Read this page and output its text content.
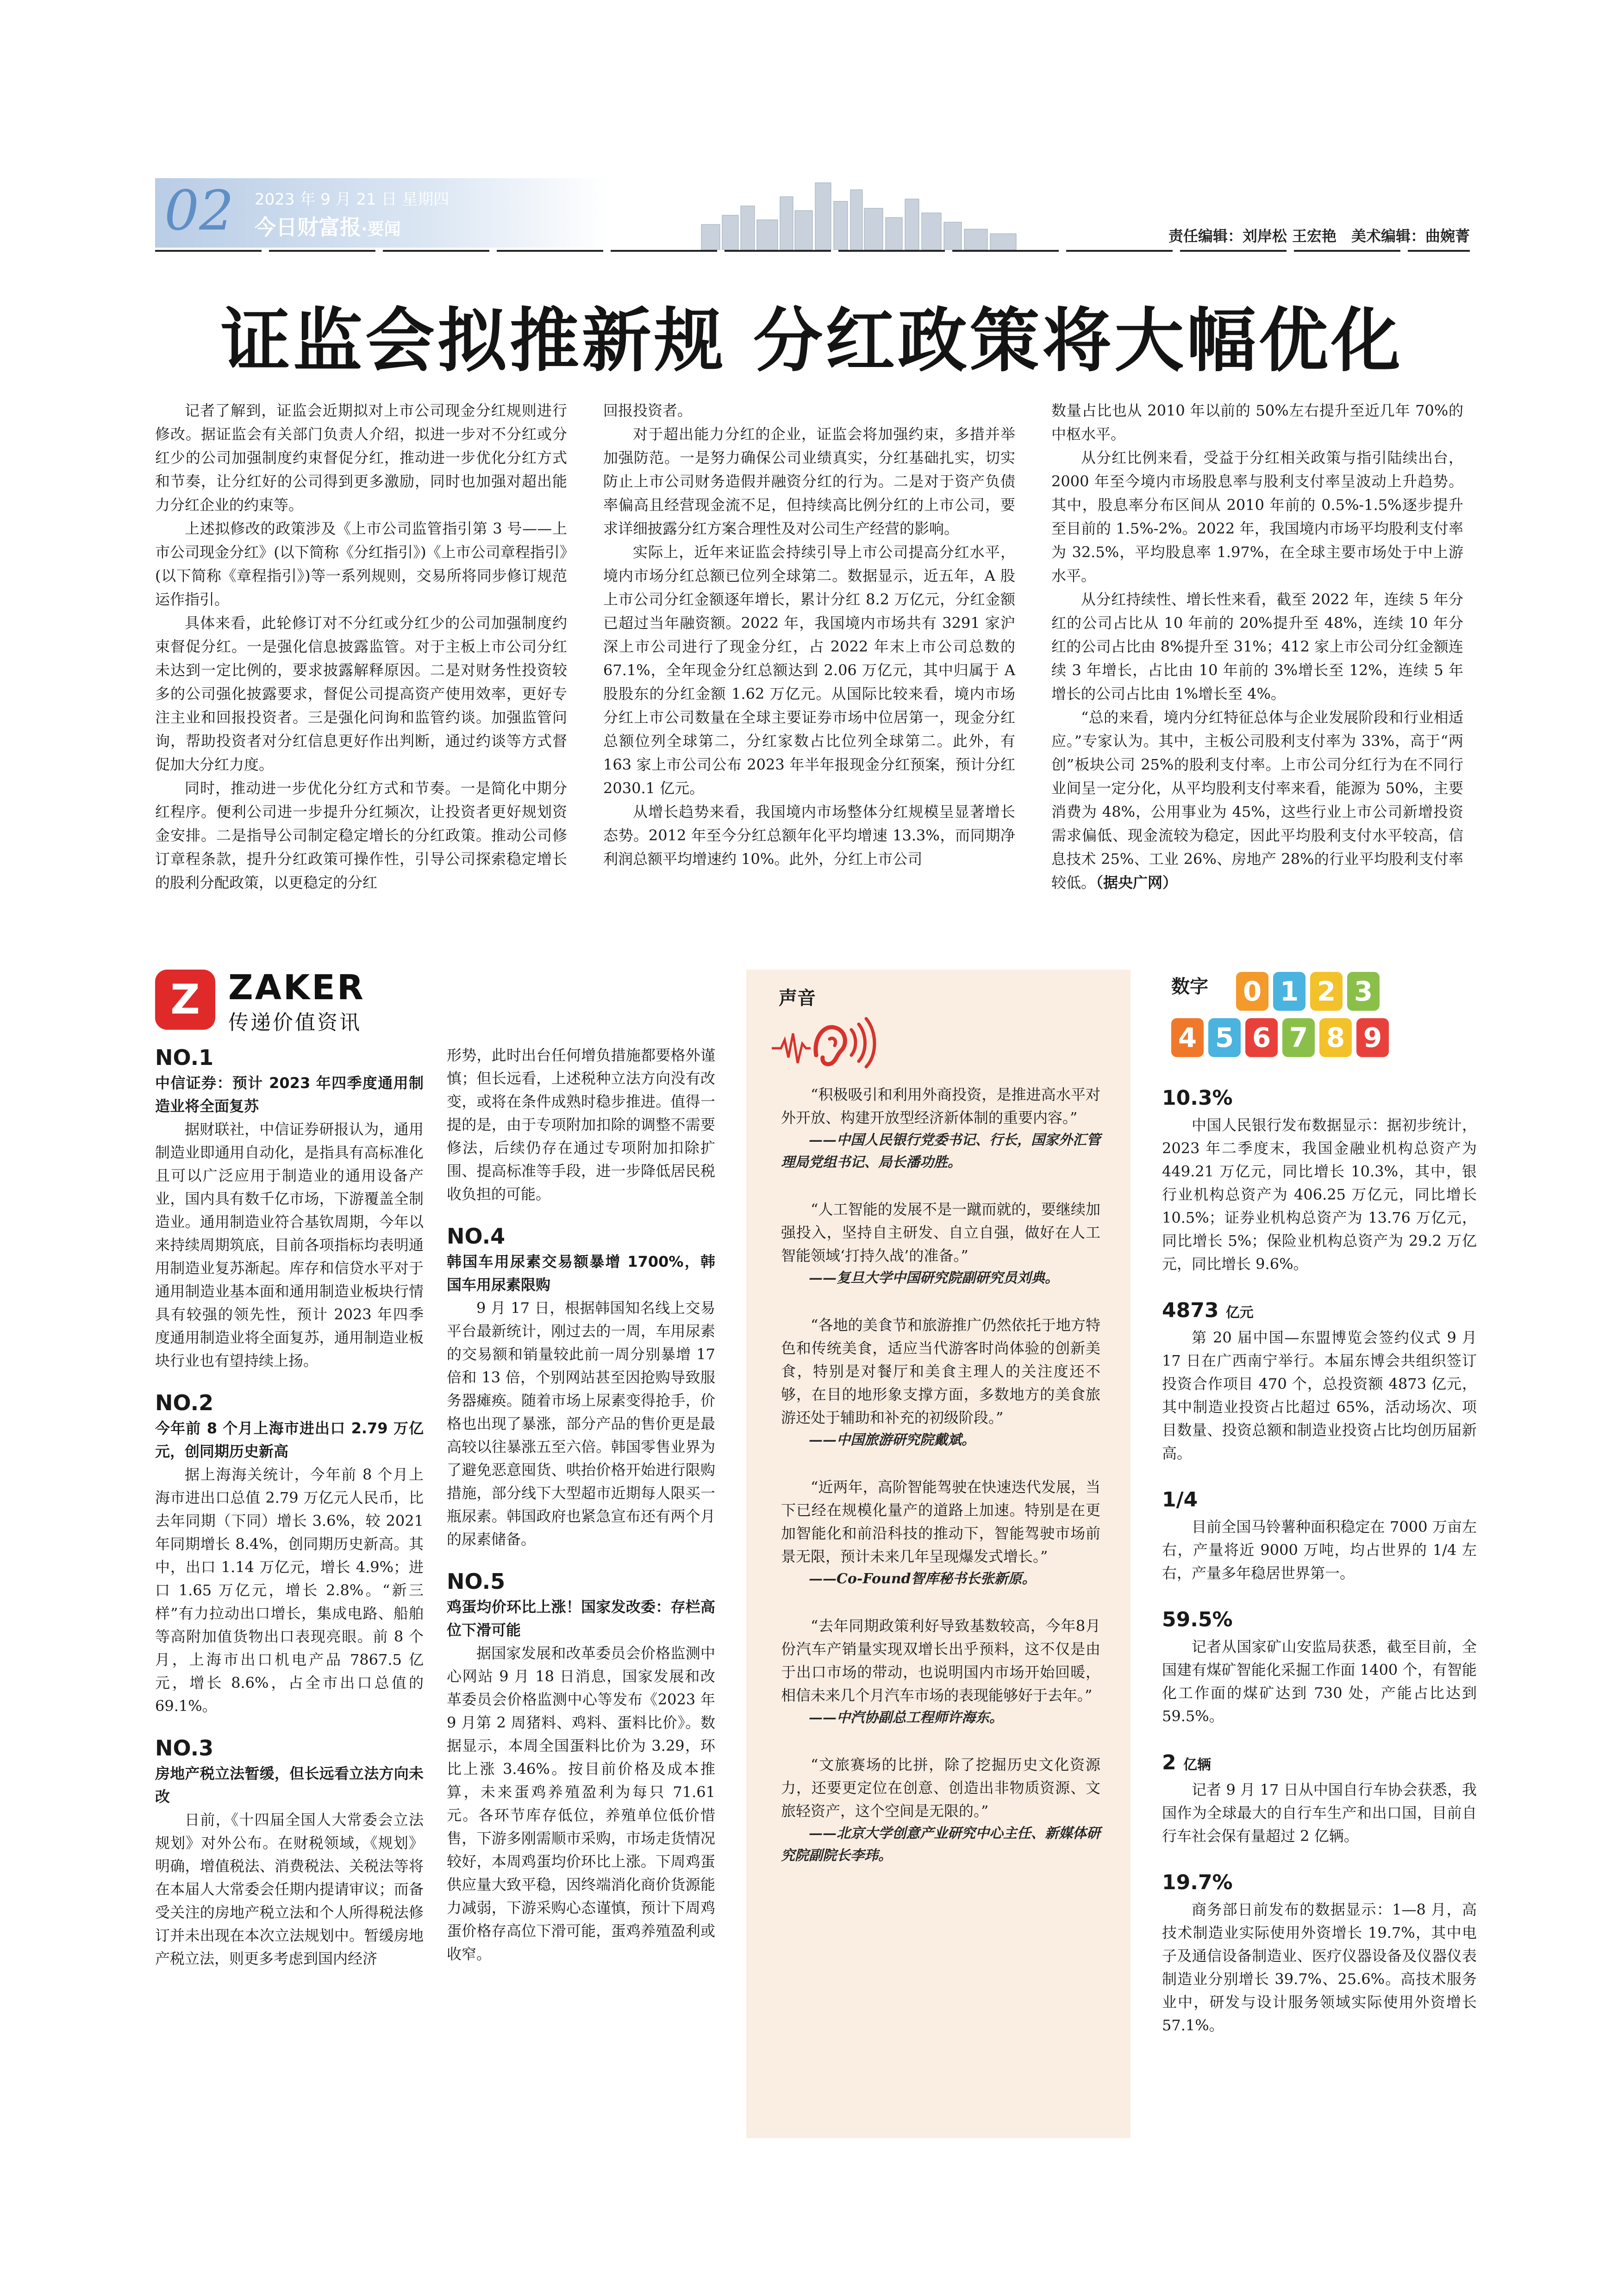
02 2023 年 9 月 21 日 星期四
今日财富报·要闻	责任编辑：刘岸松 王宏艳　美术编辑：曲婉菁
证监会拟推新规 分红政策将大幅优化

记者了解到，证监会近期拟对上市公司现金分红规则进行修改。据证监会有关部门负责人介绍，拟进一步对不分红或分红少的公司加强制度约束督促分红，推动进一步优化分红方式和节奏，让分红好的公司得到更多激励，同时也加强对超出能力分红企业的约束等。

上述拟修改的政策涉及《上市公司监管指引第 3 号——上市公司现金分红》(以下简称《分红指引》)《上市公司章程指引》(以下简称《章程指引》)等一系列规则，交易所将同步修订规范运作指引。

具体来看，此轮修订对不分红或分红少的公司加强制度约束督促分红。一是强化信息披露监管。对于主板上市公司分红未达到一定比例的，要求披露解释原因。二是对财务性投资较多的公司强化披露要求，督促公司提高资产使用效率，更好专注主业和回报投资者。三是强化问询和监管约谈。加强监管问询，帮助投资者对分红信息更好作出判断，通过约谈等方式督促加大分红力度。

同时，推动进一步优化分红方式和节奏。一是简化中期分红程序。便利公司进一步提升分红频次，让投资者更好规划资金安排。二是指导公司制定稳定增长的分红政策。推动公司修订章程条款，提升分红政策可操作性，引导公司探索稳定增长的股利分配政策，以更稳定的分红

回报投资者。

对于超出能力分红的企业，证监会将加强约束，多措并举加强防范。一是努力确保公司业绩真实，分红基础扎实，切实防止上市公司财务造假并融资分红的行为。二是对于资产负债率偏高且经营现金流不足，但持续高比例分红的上市公司，要求详细披露分红方案合理性及对公司生产经营的影响。

实际上，近年来证监会持续引导上市公司提高分红水平，境内市场分红总额已位列全球第二。数据显示，近五年，A 股上市公司分红金额逐年增长，累计分红 8.2 万亿元，分红金额已超过当年融资额。2022 年，我国境内市场共有 3291 家沪深上市公司进行了现金分红，占 2022 年末上市公司总数的 67.1%，全年现金分红总额达到 2.06 万亿元，其中归属于 A 股股东的分红金额 1.62 万亿元。从国际比较来看，境内市场分红上市公司数量在全球主要证券市场中位居第一，现金分红总额位列全球第二，分红家数占比位列全球第二。此外，有 163 家上市公司公布 2023 年半年报现金分红预案，预计分红 2030.1 亿元。

从增长趋势来看，我国境内市场整体分红规模呈显著增长态势。2012 年至今分红总额年化平均增速 13.3%，而同期净利润总额平均增速约 10%。此外，分红上市公司

数量占比也从 2010 年以前的 50%左右提升至近几年 70%的中枢水平。

从分红比例来看，受益于分红相关政策与指引陆续出台，2000 年至今境内市场股息率与股利支付率呈波动上升趋势。其中，股息率分布区间从 2010 年前的 0.5%-1.5%逐步提升至目前的 1.5%-2%。2022 年，我国境内市场平均股利支付率为 32.5%，平均股息率 1.97%，在全球主要市场处于中上游水平。

从分红持续性、增长性来看，截至 2022 年，连续 5 年分红的公司占比从 10 年前的 20%提升至 48%，连续 10 年分红的公司占比由 8%提升至 31%；412 家上市公司分红金额连续 3 年增长，占比由 10 年前的 3%增长至 12%，连续 5 年增长的公司占比由 1%增长至 4%。

“总的来看，境内分红特征总体与企业发展阶段和行业相适应。”专家认为。其中，主板公司股利支付率为 33%，高于“两创”板块公司 25%的股利支付率。上市公司分红行为在不同行业间呈一定分化，从平均股利支付率来看，能源为 50%，主要消费为 48%，公用事业为 45%，这些行业上市公司新增投资需求偏低、现金流较为稳定，因此平均股利支付水平较高，信息技术 25%、工业 26%、房地产 28%的行业平均股利支付率较低。（据央广网）

Z ZAKER
传递价值资讯
NO.1
中信证券：预计 2023 年四季度通用制造业将全面复苏

据财联社，中信证券研报认为，通用制造业即通用自动化，是指具有高标准化且可以广泛应用于制造业的通用设备产业，国内具有数千亿市场，下游覆盖全制造业。通用制造业符合基钦周期，今年以来持续周期筑底，目前各项指标均表明通用制造业复苏渐起。库存和信贷水平对于通用制造业基本面和通用制造业板块行情具有较强的领先性，预计 2023 年四季度通用制造业将全面复苏，通用制造业板块行业也有望持续上扬。

NO.2
今年前 8 个月上海市进出口 2.79 万亿元，创同期历史新高

据上海海关统计，今年前 8 个月上海市进出口总值 2.79 万亿元人民币，比去年同期（下同）增长 3.6%，较 2021 年同期增长 8.4%，创同期历史新高。其中，出口 1.14 万亿元，增长 4.9%；进口 1.65 万亿元，增长 2.8%。“新三样”有力拉动出口增长，集成电路、船舶等高附加值货物出口表现亮眼。前 8 个月，上海市出口机电产品 7867.5 亿元，增长 8.6%，占全市出口总值的 69.1%。

NO.3
房地产税立法暂缓，但长远看立法方向未改

日前，《十四届全国人大常委会立法规划》对外公布。在财税领域，《规划》明确，增值税法、消费税法、关税法等将在本届人大常委会任期内提请审议；而备受关注的房地产税立法和个人所得税法修订并未出现在本次立法规划中。暂缓房地产税立法，则更多考虑到国内经济

形势，此时出台任何增负措施都要格外谨慎；但长远看，上述税种立法方向没有改变，或将在条件成熟时稳步推进。值得一提的是，由于专项附加扣除的调整不需要修法，后续仍存在通过专项附加扣除扩围、提高标准等手段，进一步降低居民税收负担的可能。

NO.4
韩国车用尿素交易额暴增 1700%，韩国车用尿素限购

9 月 17 日，根据韩国知名线上交易平台最新统计，刚过去的一周，车用尿素的交易额和销量较此前一周分别暴增 17 倍和 13 倍，个别网站甚至因抢购导致服务器瘫痪。随着市场上尿素变得抢手，价格也出现了暴涨，部分产品的售价更是最高较以往暴涨五至六倍。韩国零售业界为了避免恶意囤货、哄抬价格开始进行限购措施，部分线下大型超市近期每人限买一瓶尿素。韩国政府也紧急宣布还有两个月的尿素储备。

NO.5
鸡蛋均价环比上涨！国家发改委：存栏高位下滑可能

据国家发展和改革委员会价格监测中心网站 9 月 18 日消息，国家发展和改革委员会价格监测中心等发布《2023 年 9 月第 2 周猪料、鸡料、蛋料比价》。数据显示，本周全国蛋料比价为 3.29，环比上涨 3.46%。按目前价格及成本推算，未来蛋鸡养殖盈利为每只 71.61 元。各环节库存低位，养殖单位低价惜售，下游多刚需顺市采购，市场走货情况较好，本周鸡蛋均价环比上涨。下周鸡蛋供应量大致平稳，因终端消化商价货源能力减弱，下游采购心态谨慎，预计下周鸡蛋价格存高位下滑可能，蛋鸡养殖盈利或收窄。

声音

“积极吸引和利用外商投资，是推进高水平对外开放、构建开放型经济新体制的重要内容。”

——中国人民银行党委书记、行长，国家外汇管理局党组书记、局长潘功胜。

“人工智能的发展不是一蹴而就的，要继续加强投入，坚持自主研发、自立自强，做好在人工智能领域‘打持久战’的准备。”

——复旦大学中国研究院副研究员刘典。

“各地的美食节和旅游推广仍然依托于地方特色和传统美食，适应当代游客时尚体验的创新美食，特别是对餐厅和美食主理人的关注度还不够，在目的地形象支撑方面，多数地方的美食旅游还处于辅助和补充的初级阶段。”

——中国旅游研究院戴斌。

“近两年，高阶智能驾驶在快速迭代发展，当下已经在规模化量产的道路上加速。特别是在更加智能化和前沿科技的推动下，智能驾驶市场前景无限，预计未来几年呈现爆发式增长。”

——Co-Found智库秘书长张新原。

“去年同期政策利好导致基数较高，今年8月份汽车产销量实现双增长出乎预料，这不仅是由于出口市场的带动，也说明国内市场开始回暖，相信未来几个月汽车市场的表现能够好于去年。”

——中汽协副总工程师许海东。

“文旅赛场的比拼，除了挖掘历史文化资源力，还要更定位在创意、创造出非物质资源、文旅轻资产，这个空间是无限的。”

——北京大学创意产业研究中心主任、新媒体研究院副院长李玮。

数字 0 1 2 3
4 5 6 7 8 9
10.3%

中国人民银行发布数据显示：据初步统计，2023 年二季度末，我国金融业机构总资产为 449.21 万亿元，同比增长 10.3%，其中，银行业机构总资产为 406.25 万亿元，同比增长 10.5%；证券业机构总资产为 13.76 万亿元，同比增长 5%；保险业机构总资产为 29.2 万亿元，同比增长 9.6%。

4873 亿元

第 20 届中国—东盟博览会签约仪式 9 月 17 日在广西南宁举行。本届东博会共组织签订投资合作项目 470 个，总投资额 4873 亿元，其中制造业投资占比超过 65%，活动场次、项目数量、投资总额和制造业投资占比均创历届新高。

1/4

目前全国马铃薯种面积稳定在 7000 万亩左右，产量将近 9000 万吨，均占世界的 1/4 左右，产量多年稳居世界第一。

59.5%

记者从国家矿山安监局获悉，截至目前，全国建有煤矿智能化采掘工作面 1400 个，有智能化工作面的煤矿达到 730 处，产能占比达到 59.5%。

2 亿辆

记者 9 月 17 日从中国自行车协会获悉，我国作为全球最大的自行车生产和出口国，目前自行车社会保有量超过 2 亿辆。

19.7%

商务部日前发布的数据显示：1—8 月，高技术制造业实际使用外资增长 19.7%，其中电子及通信设备制造业、医疗仪器设备及仪器仪表制造业分别增长 39.7%、25.6%。高技术服务业中，研发与设计服务领域实际使用外资增长 57.1%。
